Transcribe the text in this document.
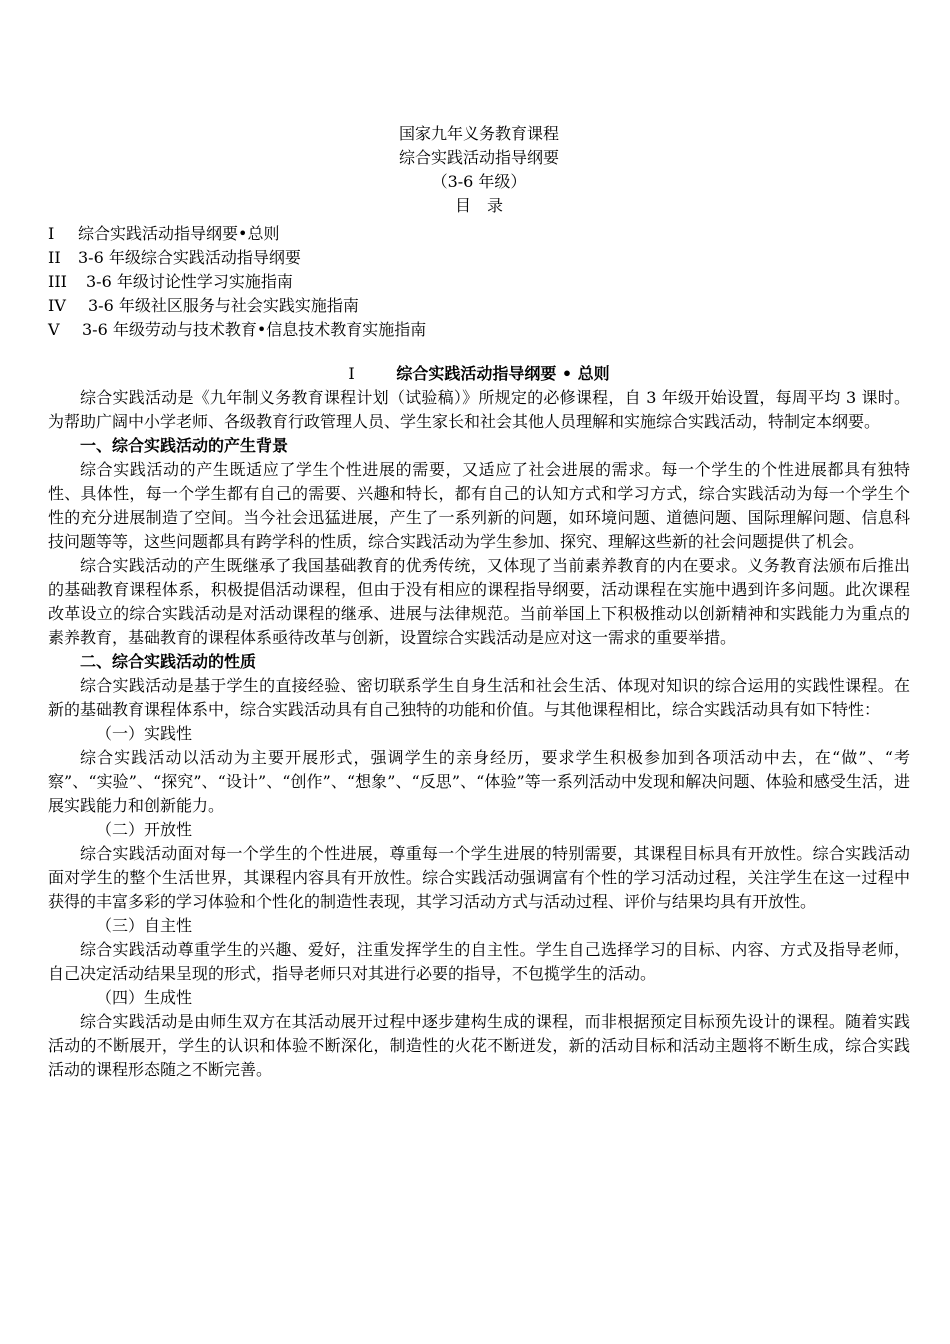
国家九年义务教育课程
综合实践活动指导纲要
（3-6 年级）
目　录
I 综合实践活动指导纲要•总则
II 3-6 年级综合实践活动指导纲要
III 3-6 年级讨论性学习实施指南
IV 3-6 年级社区服务与社会实践实施指南
V 3-6 年级劳动与技术教育•信息技术教育实施指南
I	综合实践活动指导纲要 • 总则

综合实践活动是《九年制义务教育课程计划（试验稿）》所规定的必修课程，自 3 年级开始设置，每周平均 3 课时。为帮助广阔中小学老师、各级教育行政管理人员、学生家长和社会其他人员理解和实施综合实践活动，特制定本纲要。

一、综合实践活动的产生背景

综合实践活动的产生既适应了学生个性进展的需要，又适应了社会进展的需求。每一个学生的个性进展都具有独特性、具体性，每一个学生都有自己的需要、兴趣和特长，都有自己的认知方式和学习方式，综合实践活动为每一个学生个性的充分进展制造了空间。当今社会迅猛进展，产生了一系列新的问题，如环境问题、道德问题、国际理解问题、信息科技问题等等，这些问题都具有跨学科的性质，综合实践活动为学生参加、探究、理解这些新的社会问题提供了机会。

综合实践活动的产生既继承了我国基础教育的优秀传统，又体现了当前素养教育的内在要求。义务教育法颁布后推出的基础教育课程体系，积极提倡活动课程，但由于没有相应的课程指导纲要，活动课程在实施中遇到许多问题。此次课程改革设立的综合实践活动是对活动课程的继承、进展与法律规范。当前举国上下积极推动以创新精神和实践能力为重点的素养教育，基础教育的课程体系亟待改革与创新，设置综合实践活动是应对这一需求的重要举措。

二、综合实践活动的性质

综合实践活动是基于学生的直接经验、密切联系学生自身生活和社会生活、体现对知识的综合运用的实践性课程。在新的基础教育课程体系中，综合实践活动具有自己独特的功能和价值。与其他课程相比，综合实践活动具有如下特性：

（一）实践性

综合实践活动以活动为主要开展形式，强调学生的亲身经历，要求学生积极参加到各项活动中去，在“做”、“考察”、“实验”、“探究”、“设计”、“创作”、“想象”、“反思”、“体验”等一系列活动中发现和解决问题、体验和感受生活，进展实践能力和创新能力。

（二）开放性

综合实践活动面对每一个学生的个性进展，尊重每一个学生进展的特别需要，其课程目标具有开放性。综合实践活动面对学生的整个生活世界，其课程内容具有开放性。综合实践活动强调富有个性的学习活动过程，关注学生在这一过程中获得的丰富多彩的学习体验和个性化的制造性表现，其学习活动方式与活动过程、评价与结果均具有开放性。

（三）自主性

综合实践活动尊重学生的兴趣、爱好，注重发挥学生的自主性。学生自己选择学习的目标、内容、方式及指导老师，自己决定活动结果呈现的形式，指导老师只对其进行必要的指导，不包揽学生的活动。

（四）生成性

综合实践活动是由师生双方在其活动展开过程中逐步建构生成的课程，而非根据预定目标预先设计的课程。随着实践活动的不断展开，学生的认识和体验不断深化，制造性的火花不断迸发，新的活动目标和活动主题将不断生成，综合实践活动的课程形态随之不断完善。
